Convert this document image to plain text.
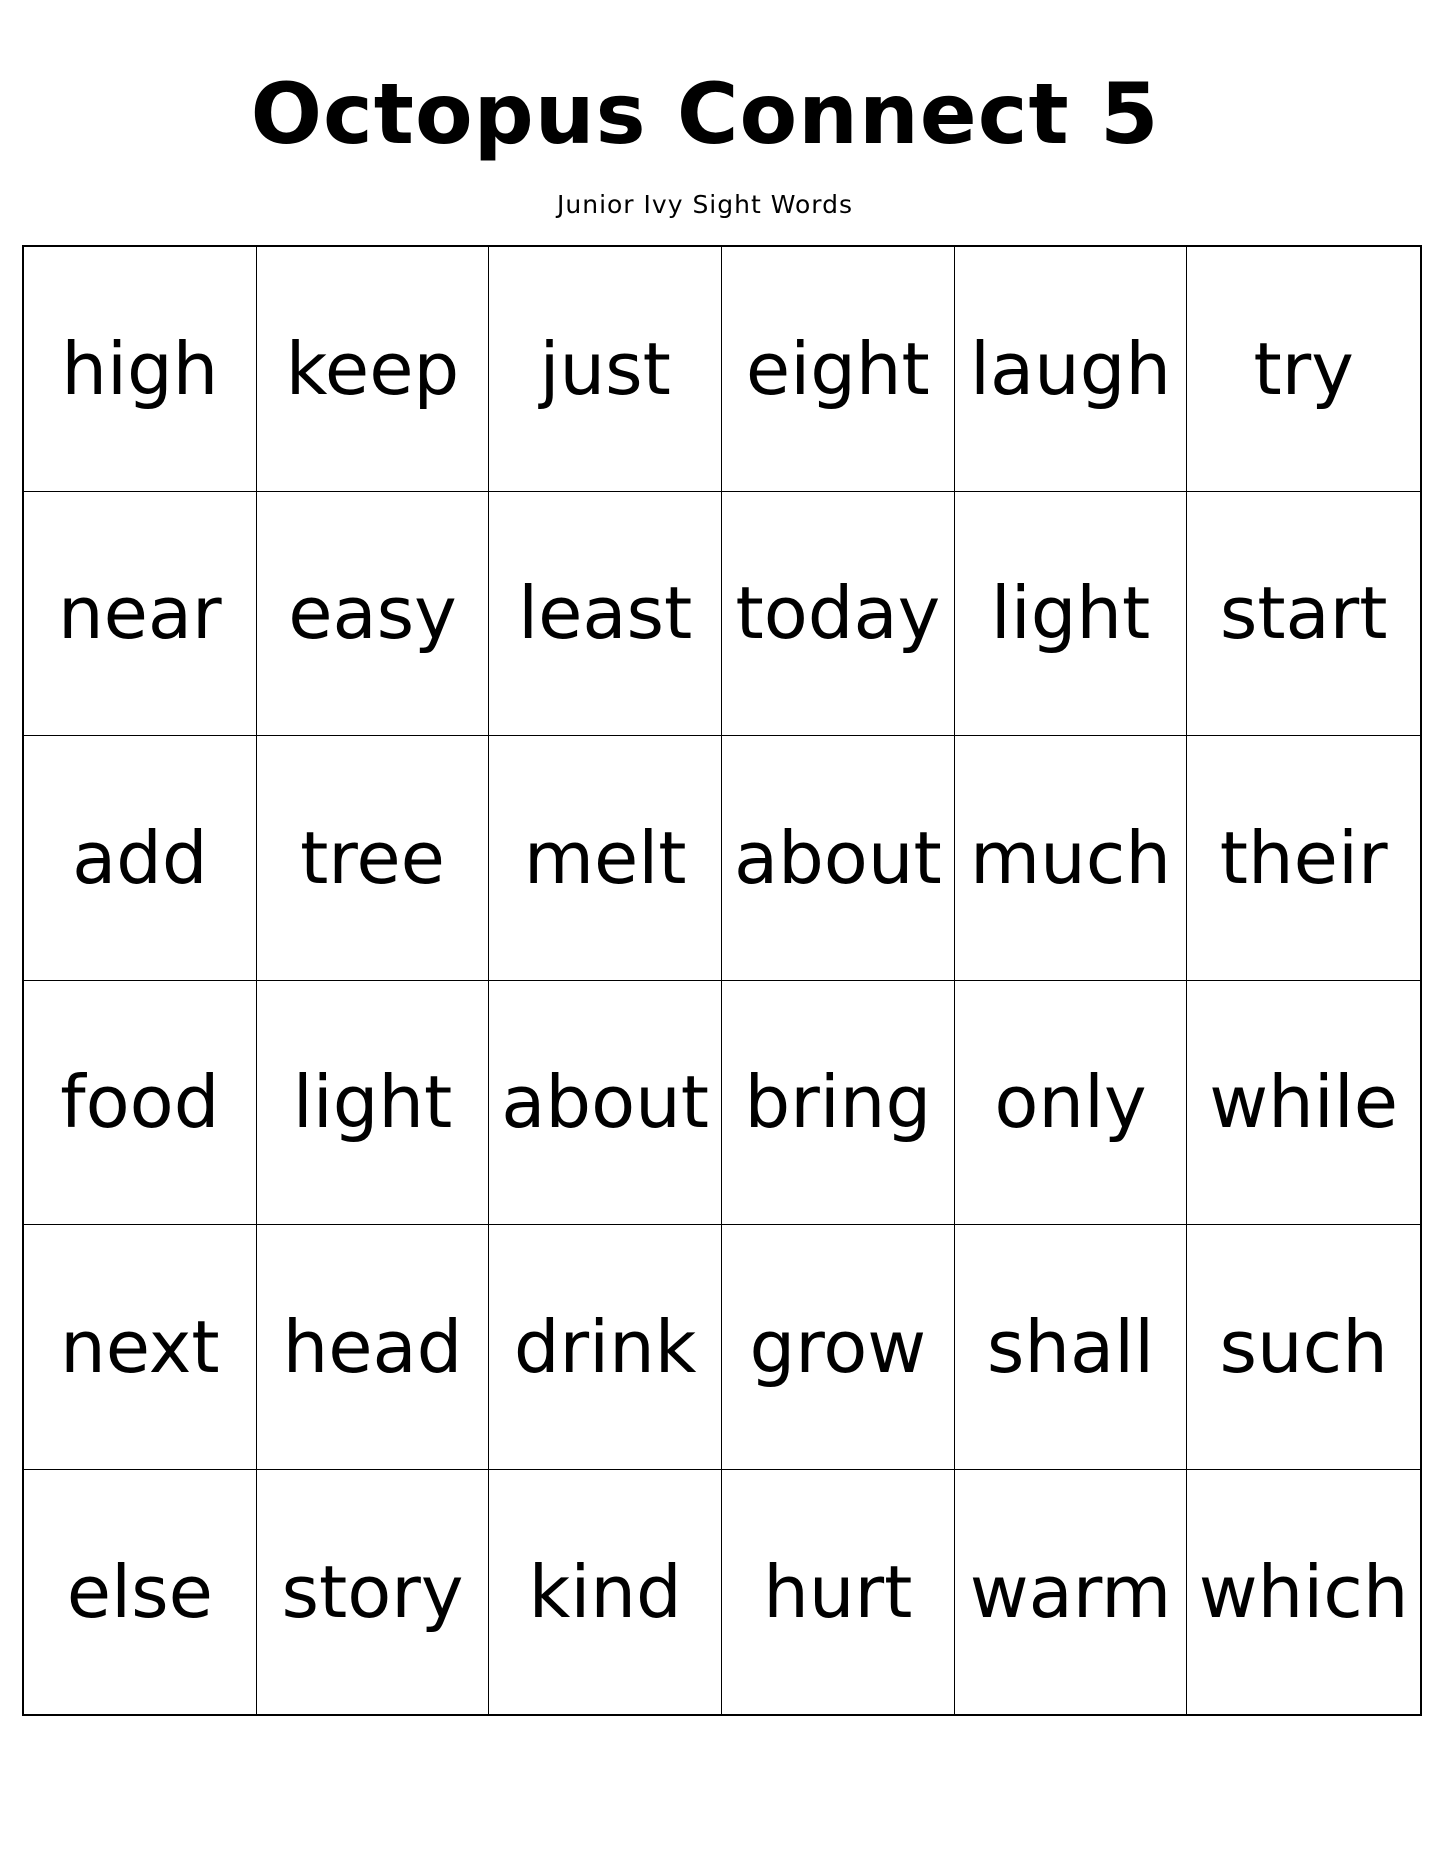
Octopus Connect 5
Junior Ivy Sight Words
high keep just eight laugh try
near easy least today light start
add tree melt about much their
food light about bring only while
next head drink grow shall such
else story kind hurt warm which
